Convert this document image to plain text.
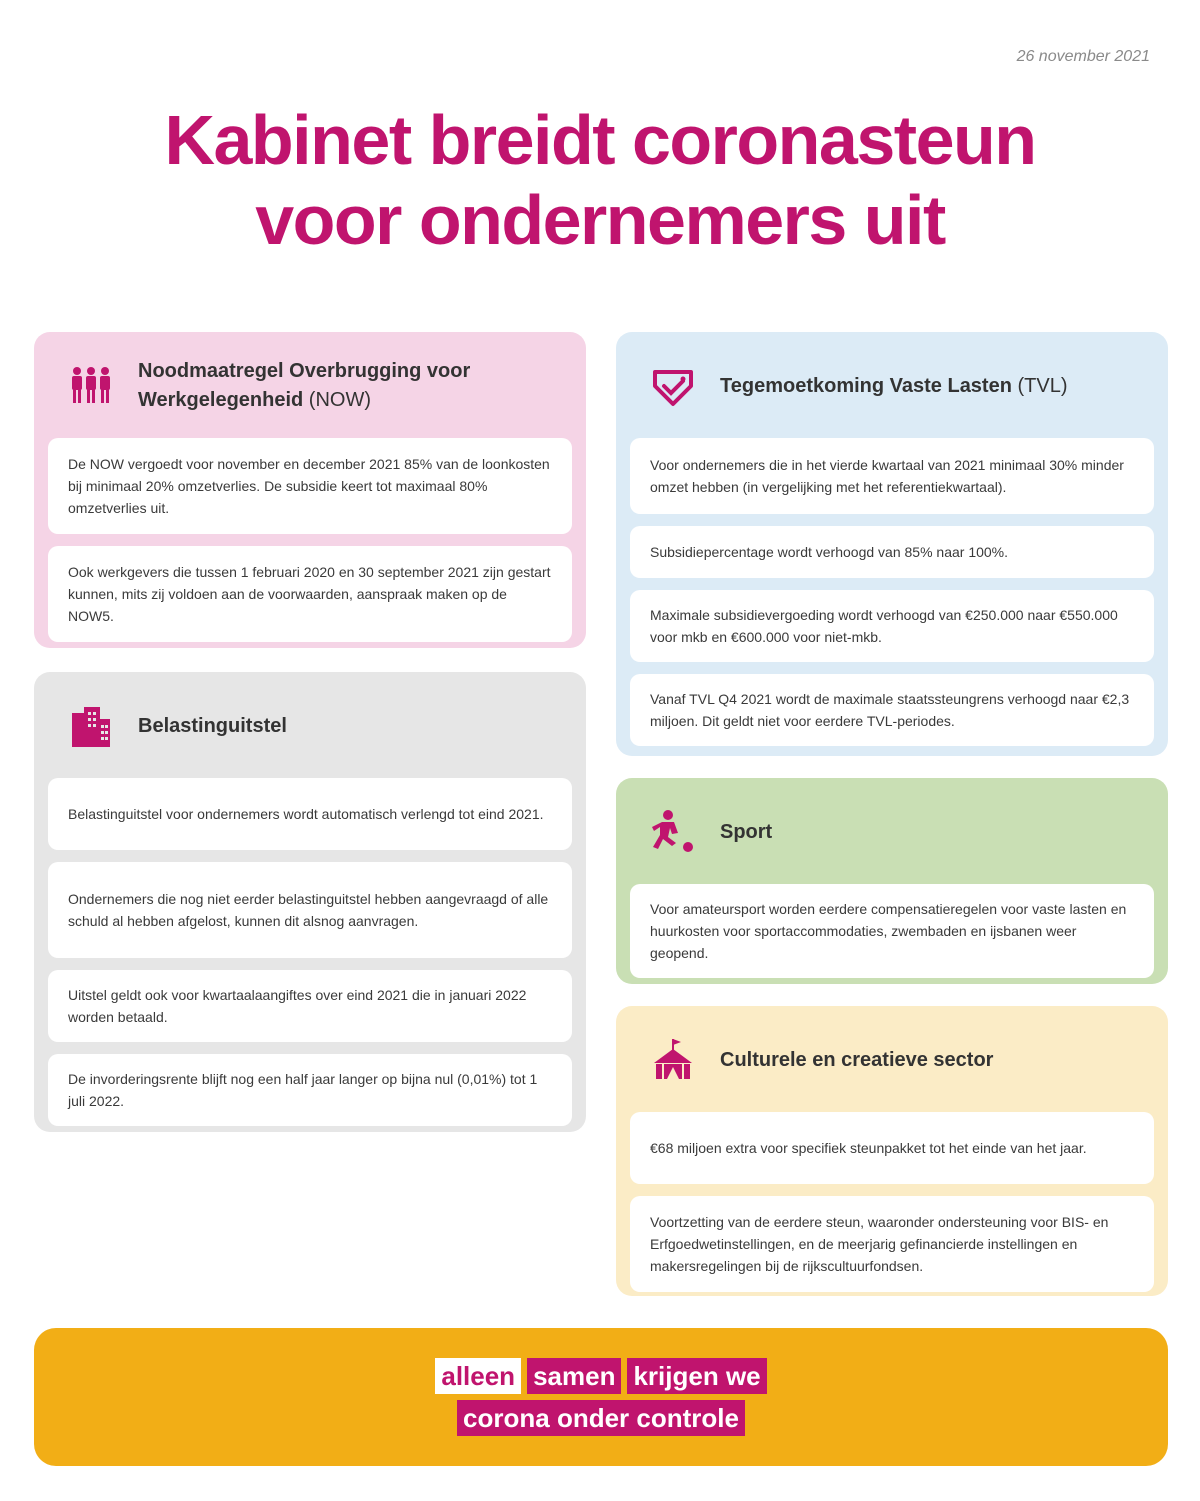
26 november 2021
Kabinet breidt coronasteun
voor ondernemers uit
Noodmaatregel Overbrugging voor Werkgelegenheid (NOW)
De NOW vergoedt voor november en december 2021 85% van de loonkosten bij minimaal 20% omzetverlies. De subsidie keert tot maximaal 80% omzetverlies uit.
Ook werkgevers die tussen 1 februari 2020 en 30 september 2021 zijn gestart kunnen, mits zij voldoen aan de voorwaarden, aanspraak maken op de NOW5.
Belastinguitstel
Belastinguitstel voor ondernemers wordt automatisch verlengd tot eind 2021.
Ondernemers die nog niet eerder belastinguitstel hebben aangevraagd of alle schuld al hebben afgelost, kunnen dit alsnog aanvragen.
Uitstel geldt ook voor kwartaalaangiftes over eind 2021 die in januari 2022 worden betaald.
De invorderingsrente blijft nog een half jaar langer op bijna nul (0,01%) tot 1 juli 2022.
Tegemoetkoming Vaste Lasten (TVL)
Voor ondernemers die in het vierde kwartaal van 2021 minimaal 30% minder omzet hebben (in vergelijking met het referentiekwartaal).
Subsidiepercentage wordt verhoogd van 85% naar 100%.
Maximale subsidievergoeding wordt verhoogd van €250.000 naar €550.000 voor mkb en €600.000 voor niet-mkb.
Vanaf TVL Q4 2021 wordt de maximale staatssteungrens verhoogd naar €2,3 miljoen. Dit geldt niet voor eerdere TVL-periodes.
Sport
Voor amateursport worden eerdere compensatieregelen voor vaste lasten en huurkosten voor sportaccommodaties, zwembaden en ijsbanen weer geopend.
Culturele en creatieve sector
€68 miljoen extra voor specifiek steunpakket tot het einde van het jaar.
Voortzetting van de eerdere steun, waaronder ondersteuning voor BIS- en Erfgoedwetinstellingen, en de meerjarig gefinancierde instellingen en makersregelingen bij de rijkscultuurfondsen.
alleen samen krijgen we
corona onder controle
